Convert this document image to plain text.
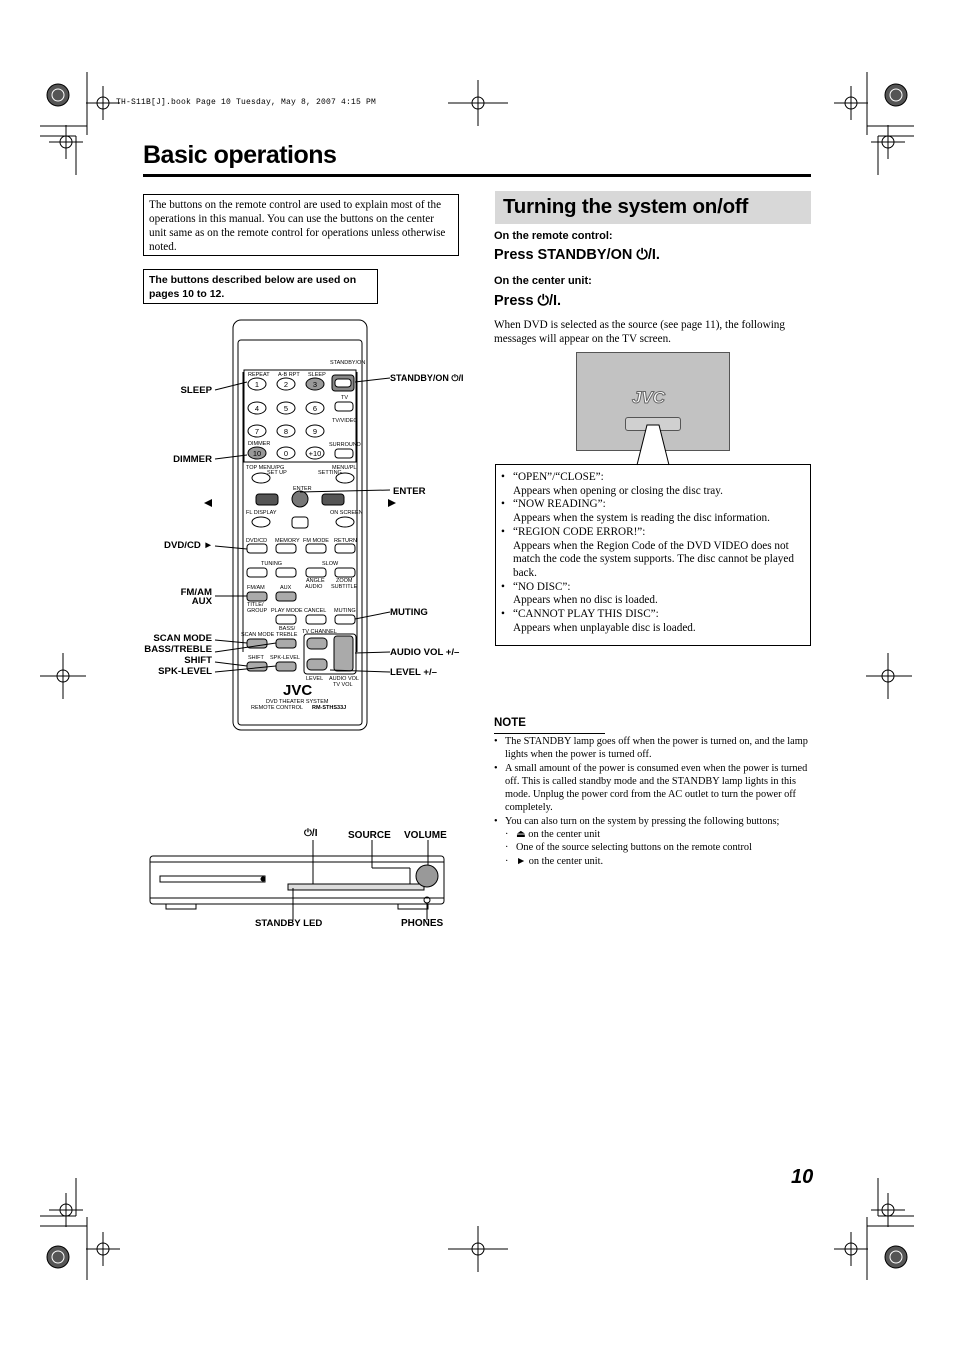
TH-S11B[J].book Page 10 Tuesday, May 8, 2007 4:15 PM
Basic operations
The buttons on the remote control are used to explain most of the operations in this manual. You can use the buttons on the center unit same as on the remote control for operations unless otherwise noted.
The buttons described below are used on pages 10 to 12.
STANDBY/ON
REPEAT A-B RPT SLEEP
TV
TV/VIDEO
DIMMER	SURROUND
TOP MENU/PG
SET UP
MENU/PL
SETTING
ENTER
FL DISPLAY	ON SCREEN
DVD/CD MEMORY FM MODE RETURN
TUNING	SLOW
FM/AM	AUX
ANGLE
AUDIO
ZOOM
SUBTITLE
TITLE/
GROUP PLAY MODE CANCEL MUTING
BASS/
TREBLE
SCAN MODE	TV CHANNEL
SHIFT SPK-LEVEL
LEVEL AUDIO VOL
TV VOL
DVD THEATER SYSTEM
REMOTE CONTROL RM-STHS33J
1	2	3
4	5	6
7	8	9
10	0	+10
JVC
SLEEP
DIMMER
DVD/CD ►
FM/AM
AUX
SCAN MODE
BASS/TREBLE
SHIFT
SPK-LEVEL
STANDBY/ON ⏻/I
ENTER
MUTING
AUDIO VOL +/–
LEVEL +/–
⏻/I	SOURCE VOLUME
STANDBY LED	PHONES
Turning the system on/off
On the remote control:
Press STANDBY/ON ⏻/I.
On the center unit:
Press ⏻/I.
When DVD is selected as the source (see page 11), the following messages will appear on the TV screen.
JVC
• “OPEN”/“CLOSE”:
Appears when opening or closing the disc tray.
• “NOW READING”:
Appears when the system is reading the disc information.
• “REGION CODE ERROR!”:
Appears when the Region Code of the DVD VIDEO does not match the code the system supports. The disc cannot be played back.
• “NO DISC”:
Appears when no disc is loaded.
• “CANNOT PLAY THIS DISC”:
Appears when unplayable disc is loaded.
NOTE
• The STANDBY lamp goes off when the power is turned on, and the lamp lights when the power is turned off.
• A small amount of the power is consumed even when the power is turned off. This is called standby mode and the STANDBY lamp lights in this mode. Unplug the power cord from the AC outlet to turn the power off completely.
• You can also turn on the system by pressing the following buttons;
· ⏏ on the center unit
· One of the source selecting buttons on the remote control
· ► on the center unit.
10
